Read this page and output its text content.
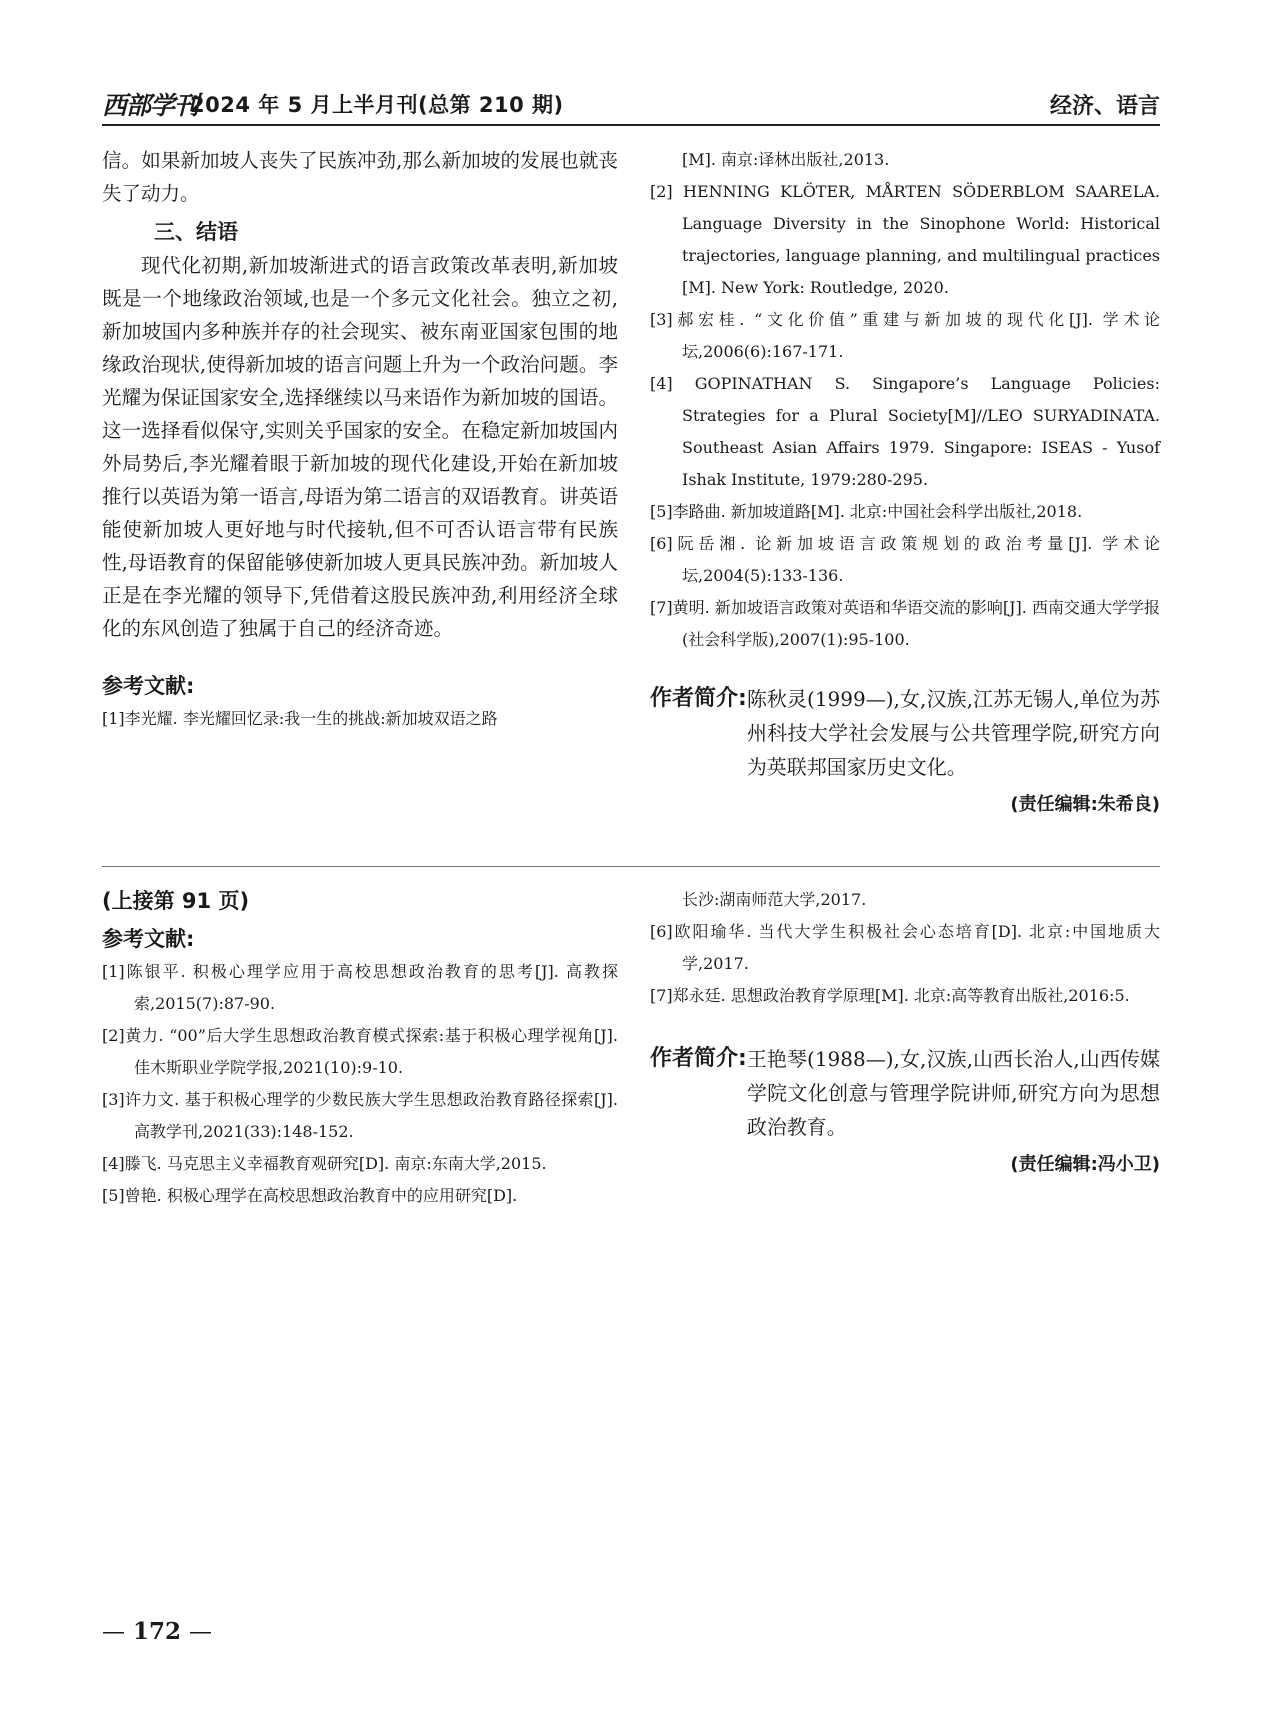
西部学刊
2024 年 5 月上半月刊(总第 210 期)	经济、语言
信。如果新加坡人丧失了民族冲劲,那么新加坡的发展也就丧失了动力。
三、结语
现代化初期,新加坡渐进式的语言政策改革表明,新加坡既是一个地缘政治领域,也是一个多元文化社会。独立之初,新加坡国内多种族并存的社会现实、被东南亚国家包围的地缘政治现状,使得新加坡的语言问题上升为一个政治问题。李光耀为保证国家安全,选择继续以马来语作为新加坡的国语。这一选择看似保守,实则关乎国家的安全。在稳定新加坡国内外局势后,李光耀着眼于新加坡的现代化建设,开始在新加坡推行以英语为第一语言,母语为第二语言的双语教育。讲英语能使新加坡人更好地与时代接轨,但不可否认语言带有民族性,母语教育的保留能够使新加坡人更具民族冲劲。新加坡人正是在李光耀的领导下,凭借着这股民族冲劲,利用经济全球化的东风创造了独属于自己的经济奇迹。
参考文献:
[1]李光耀. 李光耀回忆录:我一生的挑战:新加坡双语之路
[M]. 南京:译林出版社,2013.
[2] HENNING KLÖTER, MÅRTEN SÖDERBLOM SAARELA. Language Diversity in the Sinophone World: Historical trajectories, language planning, and multilingual practices [M]. New York: Routledge, 2020.
[3]郝宏桂. “文化价值”重建与新加坡的现代化[J]. 学术论坛,2006(6):167-171.
[4] GOPINATHAN S. Singapore’s Language Policies: Strategies for a Plural Society[M]//LEO SURYADINATA. Southeast Asian Affairs 1979. Singapore: ISEAS - Yusof Ishak Institute, 1979:280-295.
[5]李路曲. 新加坡道路[M]. 北京:中国社会科学出版社,2018.
[6]阮岳湘. 论新加坡语言政策规划的政治考量[J]. 学术论坛,2004(5):133-136.
[7]黄明. 新加坡语言政策对英语和华语交流的影响[J]. 西南交通大学学报(社会科学版),2007(1):95-100.
作者简介: 陈秋灵(1999—),女,汉族,江苏无锡人,单位为苏州科技大学社会发展与公共管理学院,研究方向为英联邦国家历史文化。
(责任编辑:朱希良)
(上接第 91 页)
参考文献:
[1]陈银平. 积极心理学应用于高校思想政治教育的思考[J]. 高教探索,2015(7):87-90.
[2]黄力. “00”后大学生思想政治教育模式探索:基于积极心理学视角[J]. 佳木斯职业学院学报,2021(10):9-10.
[3]许力文. 基于积极心理学的少数民族大学生思想政治教育路径探索[J]. 高教学刊,2021(33):148-152.
[4]滕飞. 马克思主义幸福教育观研究[D]. 南京:东南大学,2015.
[5]曾艳. 积极心理学在高校思想政治教育中的应用研究[D].
长沙:湖南师范大学,2017.
[6]欧阳瑜华. 当代大学生积极社会心态培育[D]. 北京:中国地质大学,2017.
[7]郑永廷. 思想政治教育学原理[M]. 北京:高等教育出版社,2016:5.
作者简介: 王艳琴(1988—),女,汉族,山西长治人,山西传媒学院文化创意与管理学院讲师,研究方向为思想政治教育。
(责任编辑:冯小卫)
— 172 —
